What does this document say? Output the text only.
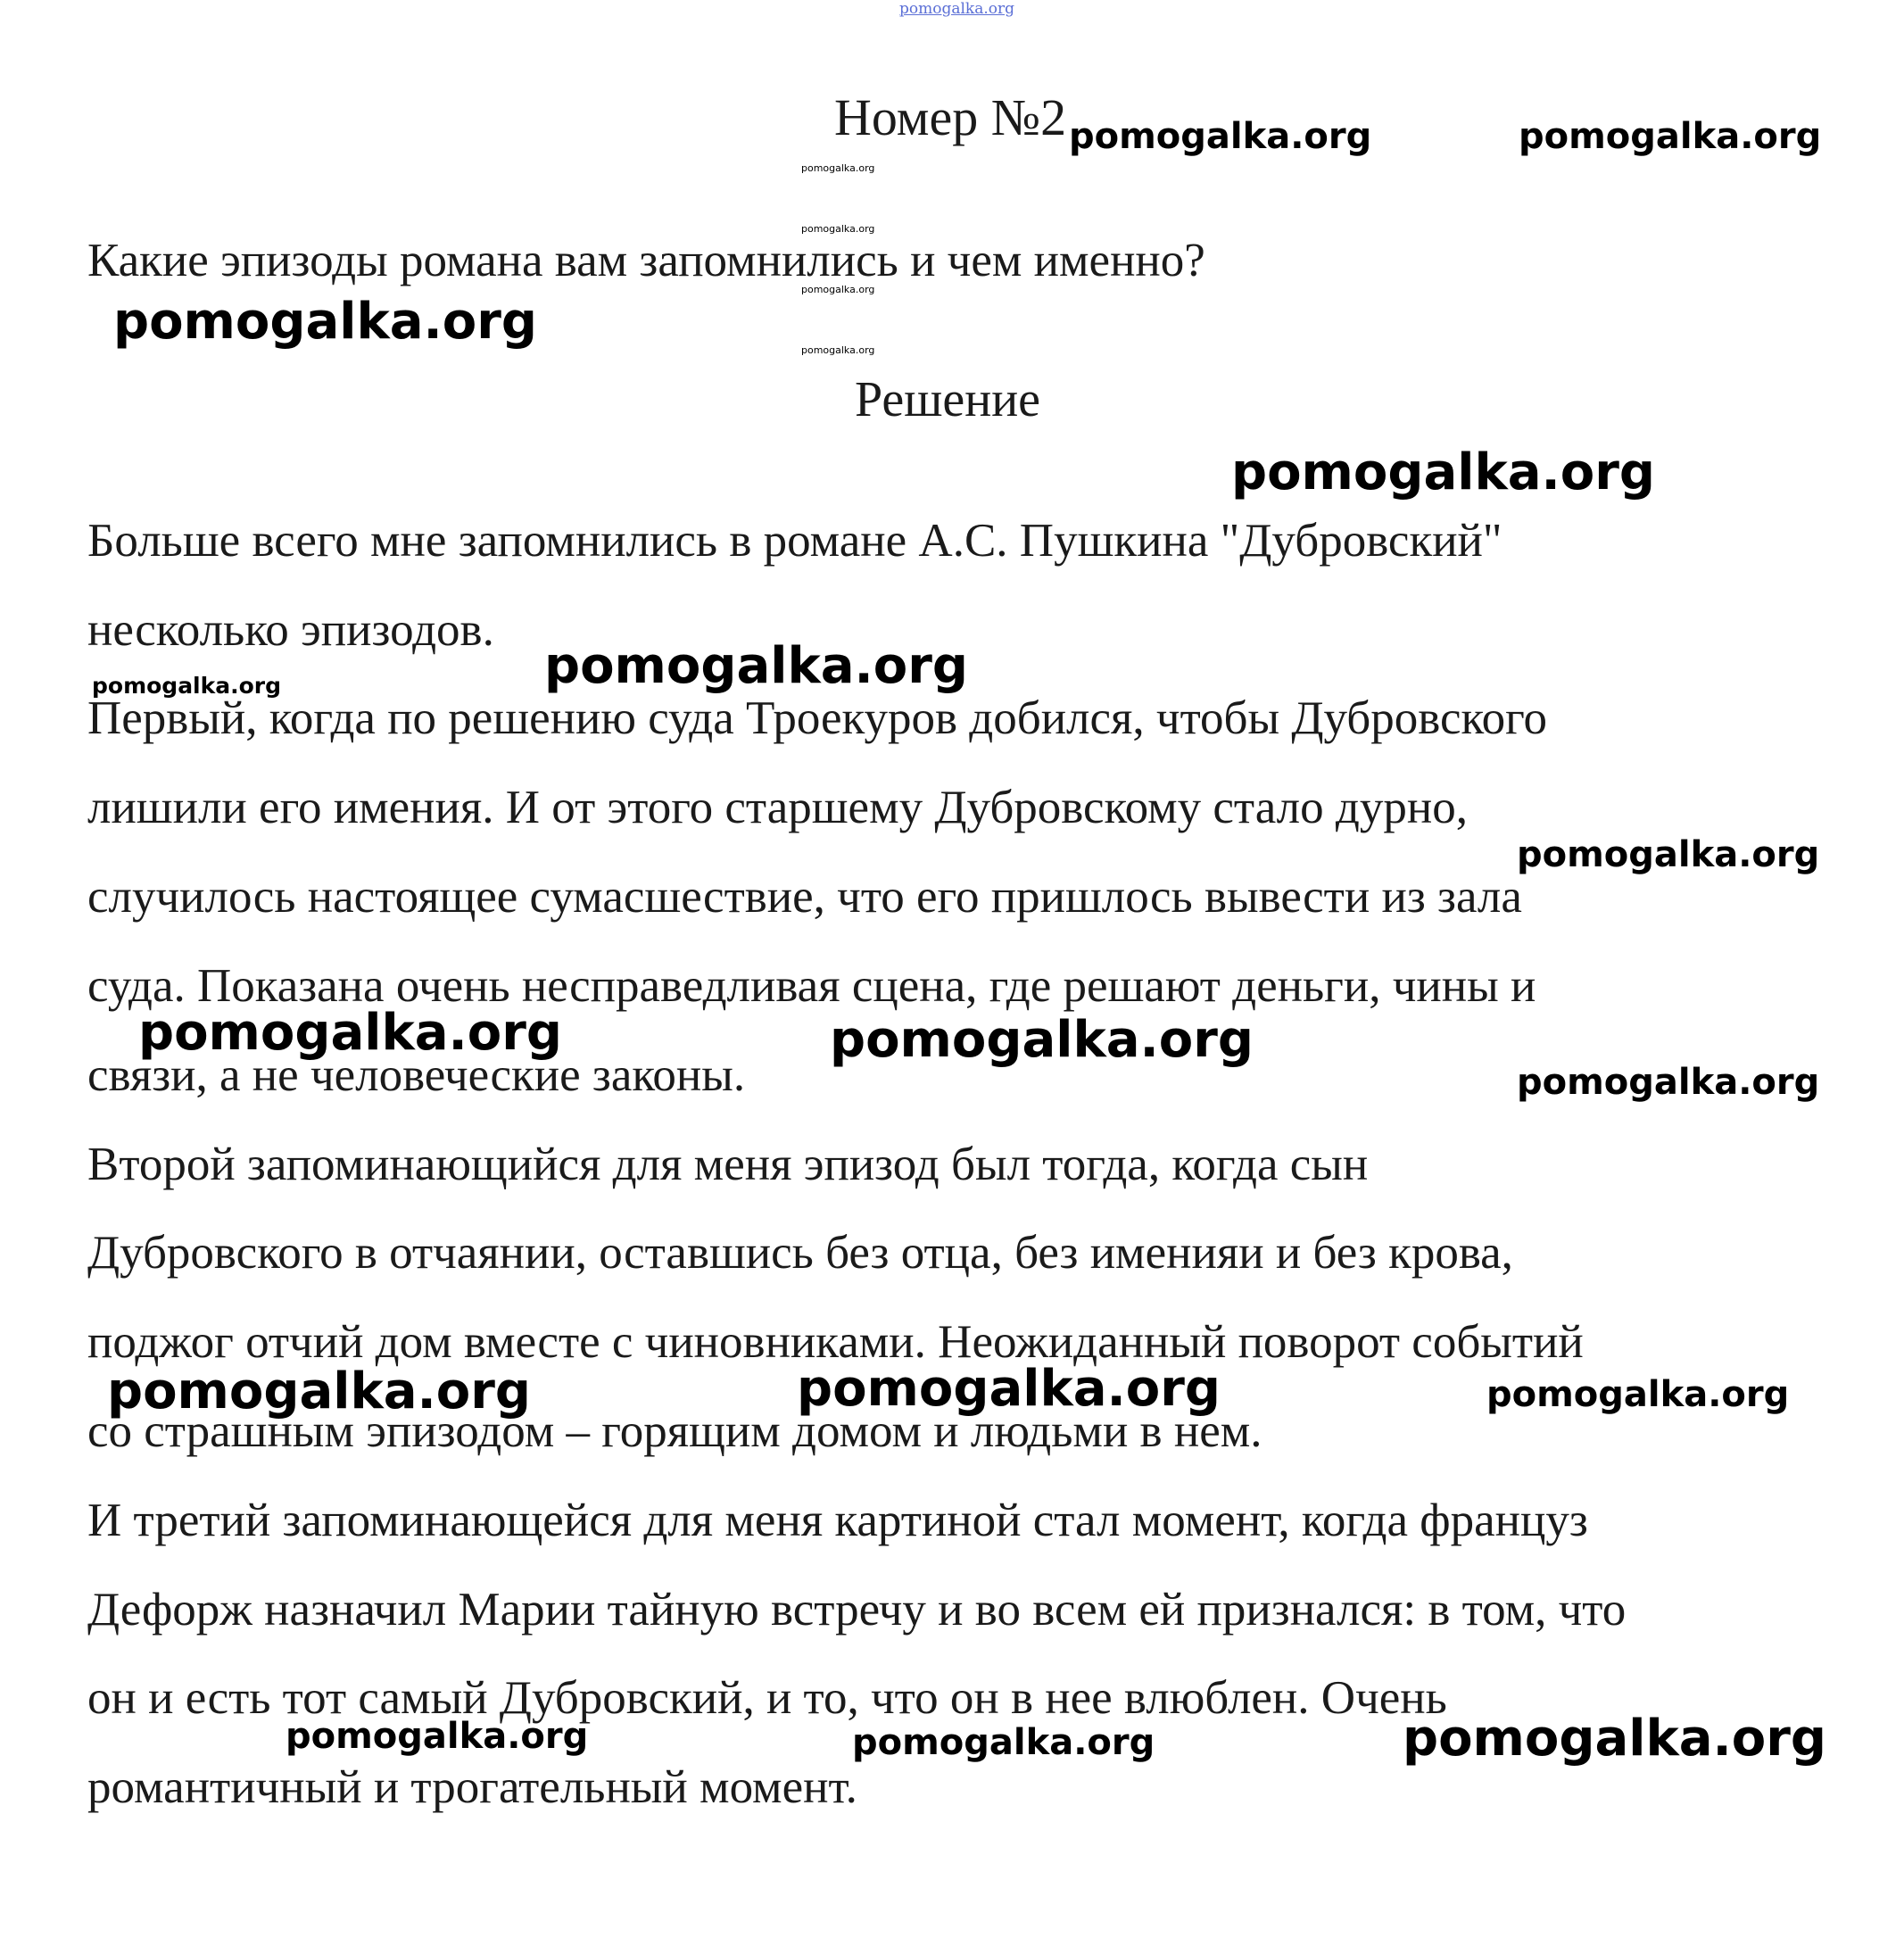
pomogalka.org
Номер №2
Какие эпизоды романа вам запомнились и чем именно?
Решение
Больше всего мне запомнились в романе А.С. Пушкина "Дубровский"
несколько эпизодов.
Первый, когда по решению суда Троекуров добился, чтобы Дубровского
лишили его имения. И от этого старшему Дубровскому стало дурно,
случилось настоящее сумасшествие, что его пришлось вывести из зала
суда. Показана очень несправедливая сцена, где решают деньги, чины и
связи, а не человеческие законы.
Второй запоминающийся для меня эпизод был тогда, когда сын
Дубровского в отчаянии, оставшись без отца, без именияи и без крова,
поджог отчий дом вместе с чиновниками. Неожиданный поворот событий
со страшным эпизодом – горящим домом и людьми в нем.
И третий запоминающейся для меня картиной стал момент, когда француз
Дефорж назначил Марии тайную встречу и во всем ей признался: в том, что
он и есть тот самый Дубровский, и то, что он в нее влюблен. Очень
романтичный и трогательный момент.
pomogalka.org	pomogalka.org
pomogalka.org
pomogalka.org
pomogalka.org
pomogalka.org
pomogalka.org
pomogalka.org
pomogalka.org	pomogalka.org
pomogalka.org
pomogalka.org	pomogalka.org
pomogalka.org
pomogalka.org	pomogalka.org	pomogalka.org
pomogalka.org	pomogalka.org	pomogalka.org
